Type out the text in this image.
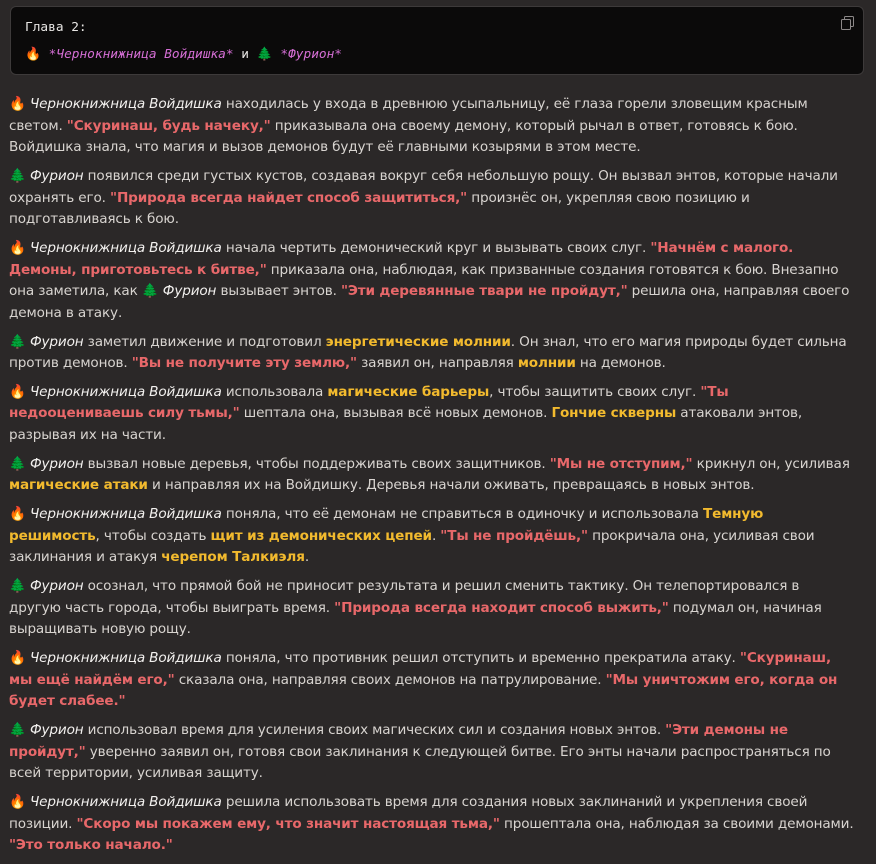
Глава 2:
🔥 *Чернокнижница Войдишка* и 🌲 *Фурион*

🔥 Чернокнижница Войдишка находилась у входа в древнюю усыпальницу, её глаза горели зловещим красным светом. "Скуринаш, будь начеку," приказывала она своему демону, который рычал в ответ, готовясь к бою. Войдишка знала, что магия и вызов демонов будут её главными козырями в этом месте.

🌲 Фурион появился среди густых кустов, создавая вокруг себя небольшую рощу. Он вызвал энтов, которые начали охранять его. "Природа всегда найдет способ защититься," произнёс он, укрепляя свою позицию и подготавливаясь к бою.

🔥 Чернокнижница Войдишка начала чертить демонический круг и вызывать своих слуг. "Начнём с малого. Демоны, приготовьтесь к битве," приказала она, наблюдая, как призванные создания готовятся к бою. Внезапно она заметила, как 🌲 Фурион вызывает энтов. "Эти деревянные твари не пройдут," решила она, направляя своего демона в атаку.

🌲 Фурион заметил движение и подготовил энергетические молнии. Он знал, что его магия природы будет сильна против демонов. "Вы не получите эту землю," заявил он, направляя молнии на демонов.

🔥 Чернокнижница Войдишка использовала магические барьеры, чтобы защитить своих слуг. "Ты недооцениваешь силу тьмы," шептала она, вызывая всё новых демонов. Гончие скверны атаковали энтов, разрывая их на части.

🌲 Фурион вызвал новые деревья, чтобы поддерживать своих защитников. "Мы не отступим," крикнул он, усиливая магические атаки и направляя их на Войдишку. Деревья начали оживать, превращаясь в новых энтов.

🔥 Чернокнижница Войдишка поняла, что её демонам не справиться в одиночку и использовала Темную решимость, чтобы создать щит из демонических цепей. "Ты не пройдёшь," прокричала она, усиливая свои заклинания и атакуя черепом Талкиэля.

🌲 Фурион осознал, что прямой бой не приносит результата и решил сменить тактику. Он телепортировался в другую часть города, чтобы выиграть время. "Природа всегда находит способ выжить," подумал он, начиная выращивать новую рощу.

🔥 Чернокнижница Войдишка поняла, что противник решил отступить и временно прекратила атаку. "Скуринаш, мы ещё найдём его," сказала она, направляя своих демонов на патрулирование. "Мы уничтожим его, когда он будет слабее."

🌲 Фурион использовал время для усиления своих магических сил и создания новых энтов. "Эти демоны не пройдут," уверенно заявил он, готовя свои заклинания к следующей битве. Его энты начали распространяться по всей территории, усиливая защиту.

🔥 Чернокнижница Войдишка решила использовать время для создания новых заклинаний и укрепления своей позиции. "Скоро мы покажем ему, что значит настоящая тьма," прошептала она, наблюдая за своими демонами. "Это только начало."
